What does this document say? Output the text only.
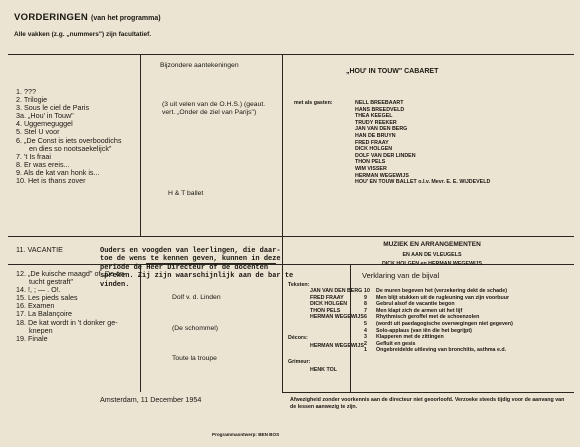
VORDERINGEN (van het programma)
Alle vakken (z.g. „nummers") zijn facultatief.
Bijzondere aantekeningen
1. ???
2. Trilogie
3. Sous le ciel de Paris
3a. „Hou' in Touw"
4. Uggemeguggel
5. Stel U voor
6. „De Const is iets overboodichs
en dies so nootsaekelijck"
7. 't Is fraai
8. Er was ereis...
9. Als de kat van honk is...
10. Het is thans zover
(3 uit velen van de O.H.S.) (geaut. vert. „Onder de ziel van Parijs")
H & T ballet
„HOU' IN TOUW" CABARET
met als gasten:	NELL BREEBAART
HANS BREEDVELD
THEA KEEGEL
TRUDY REEKER
JAN VAN DEN BERG
HAN DE BRUYN
FRED FRAAY
DICK HOLGEN
DOLF VAN DER LINDEN
THON PELS
WIM VISSER
HERMAN WEGEWIJS
HOU' EN TOUW BALLET o.l.v. Mevr. E. E. WIJDEVELD
11. VACANTIE	Ouders en voogden van leerlingen, die daar-
toe de wens te kennen geven, kunnen in deze
periode de Heer Directeur of de docenten
spreken. Zij zijn waarschijnlijk aan de bar te
vinden.
MUZIEK EN ARRANGEMENTEN
EN AAN DE VLEUGELS
DICK HOLGEN en HERMAN WEGEWIJS
12. „De kuische maagd" of „De on-
tucht gestraft"
14. !, ; — . O!.
15. Les pieds sales
16. Examen
17. La Balançoire
18. De kat wordt in 't donker ge-
knepen
19. Finale
Dolf v. d. Linden
(De schommel)
Toute la troupe
Teksten:
JAN VAN DEN BERG
FRED FRAAY
DICK HOLGEN
THON PELS
HERMAN WEGEWIJS
Décors:
HERMAN WEGEWIJS
Grimeur:
HENK TOL
Verklaring van de bijval
10 De muren begeven het (verzekering dekt de schade)
9 Men blijt stukken uit de rugleuning van zijn voorbuur
8 Gebrul alsof de vacantie begon
7 Men klapt zich de armen uit het lijf
6 Rhythmisch geroffel met de schoenzolen
5 (wordt uit paedagogische overwegingen niet gegeven)
4 Solo-applaus (van iên die het begrijpt)
3 Klapperen met de zittingen
2 Gefluit en gesis
1 Ongebreidelde uitleving van bronchitis, asthma e.d.
Afwezigheid zonder voorkennis aan de directeur niet geoorloofd. Verzoeke steeds tijdig voor de aanvang van de lessen aanwezig te zijn.
Amsterdam, 11 December 1954
Programmaontwerp: BEN BOS
